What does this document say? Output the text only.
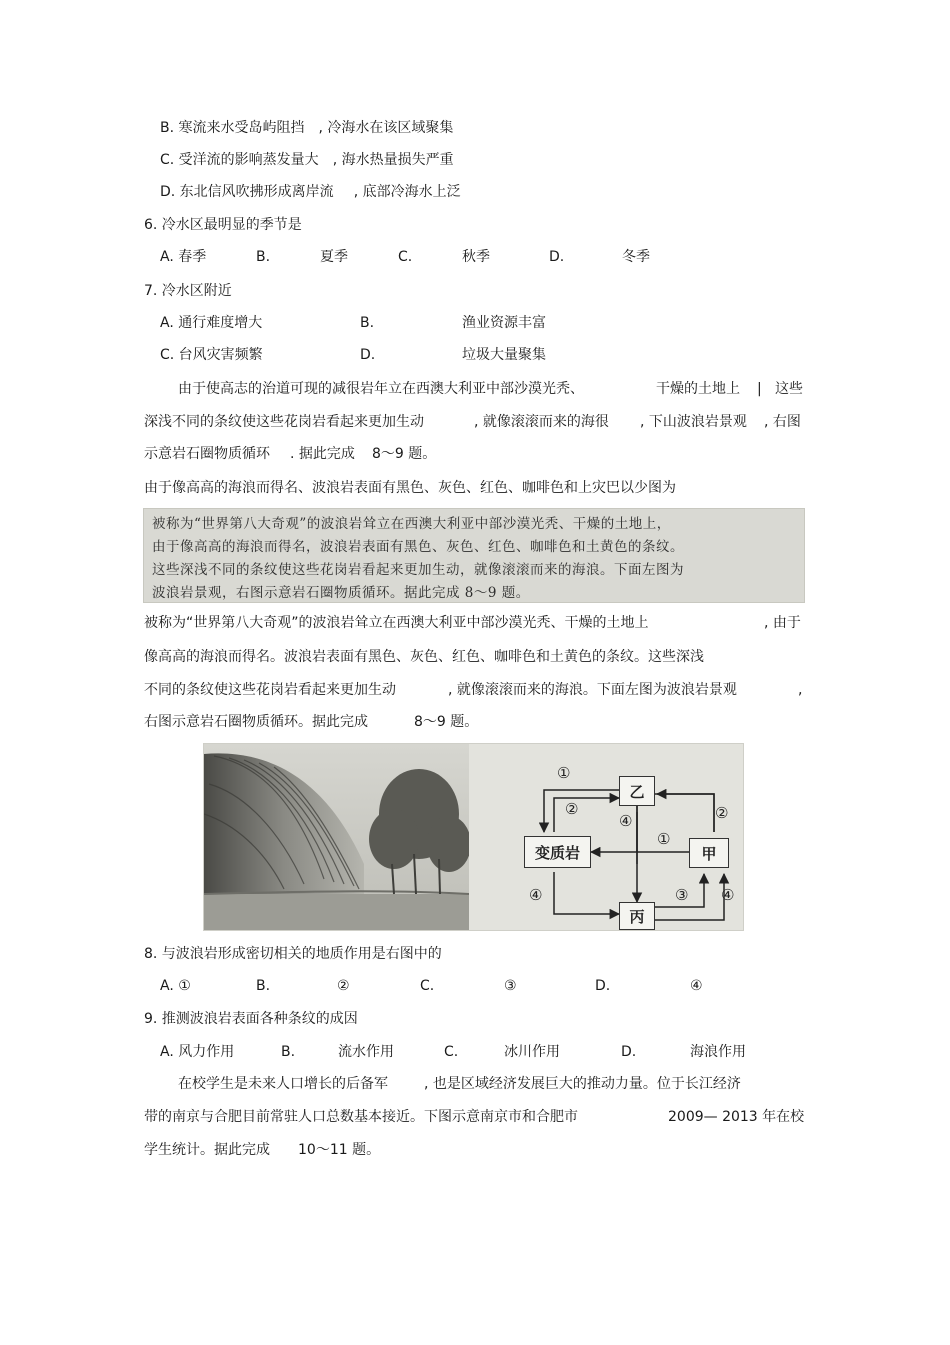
B. 寒流来水受岛屿阻挡 , 冷海水在该区域聚集
C. 受洋流的影响蒸发量大 , 海水热量损失严重
D. 东北信风吹拂形成离岸流 , 底部冷海水上泛
6. 冷水区最明显的季节是
A. 春季	B.	夏季	C.	秋季	D.	冬季
7. 冷水区附近
A. 通行难度增大	B.	渔业资源丰富
C. 台风灾害频繁	D.	垃圾大量聚集
由于使高志的治道可现的减很岩年立在西澳大利亚中部沙漠光秃、	干燥的土地上 | 这些
深浅不同的条纹使这些花岗岩看起来更加生动	, 就像滚滚而来的海很 , 下山波浪岩景观 , 右图
示意岩石圈物质循环 . 据此完成 8～9 题。
由于像高高的海浪而得名、波浪岩表面有黑色、灰色、红色、咖啡色和上灾巴以少图为
被称为“世界第八大奇观”的波浪岩耸立在西澳大利亚中部沙漠光秃、干燥的土地上，
由于像高高的海浪而得名，波浪岩表面有黑色、灰色、红色、咖啡色和土黄色的条纹。
这些深浅不同的条纹使这些花岗岩看起来更加生动，就像滚滚而来的海浪。下面左图为
波浪岩景观，右图示意岩石圈物质循环。据此完成 8～9 题。
被称为“世界第八大奇观”的波浪岩耸立在西澳大利亚中部沙漠光秃、干燥的土地上	, 由于
像高高的海浪而得名。波浪岩表面有黑色、灰色、红色、咖啡色和土黄色的条纹。这些深浅
不同的条纹使这些花岗岩看起来更加生动	, 就像滚滚而来的海浪。下面左图为波浪岩景观	,
右图示意岩石圈物质循环。据此完成	8～9 题。
乙
变质岩	甲
丙
①
②	②
④
①
④	③ ④
8. 与波浪岩形成密切相关的地质作用是右图中的
A. ①	B.	②	C.	③	D.	④
9. 推测波浪岩表面各种条纹的成因
A. 风力作用	B.	流水作用	C.	冰川作用	D.	海浪作用
在校学生是未来人口增长的后备军	, 也是区域经济发展巨大的推动力量。位于长江经济
带的南京与合肥目前常驻人口总数基本接近。下图示意南京市和合肥市	2009— 2013 年在校
学生统计。据此完成 10～11 题。
